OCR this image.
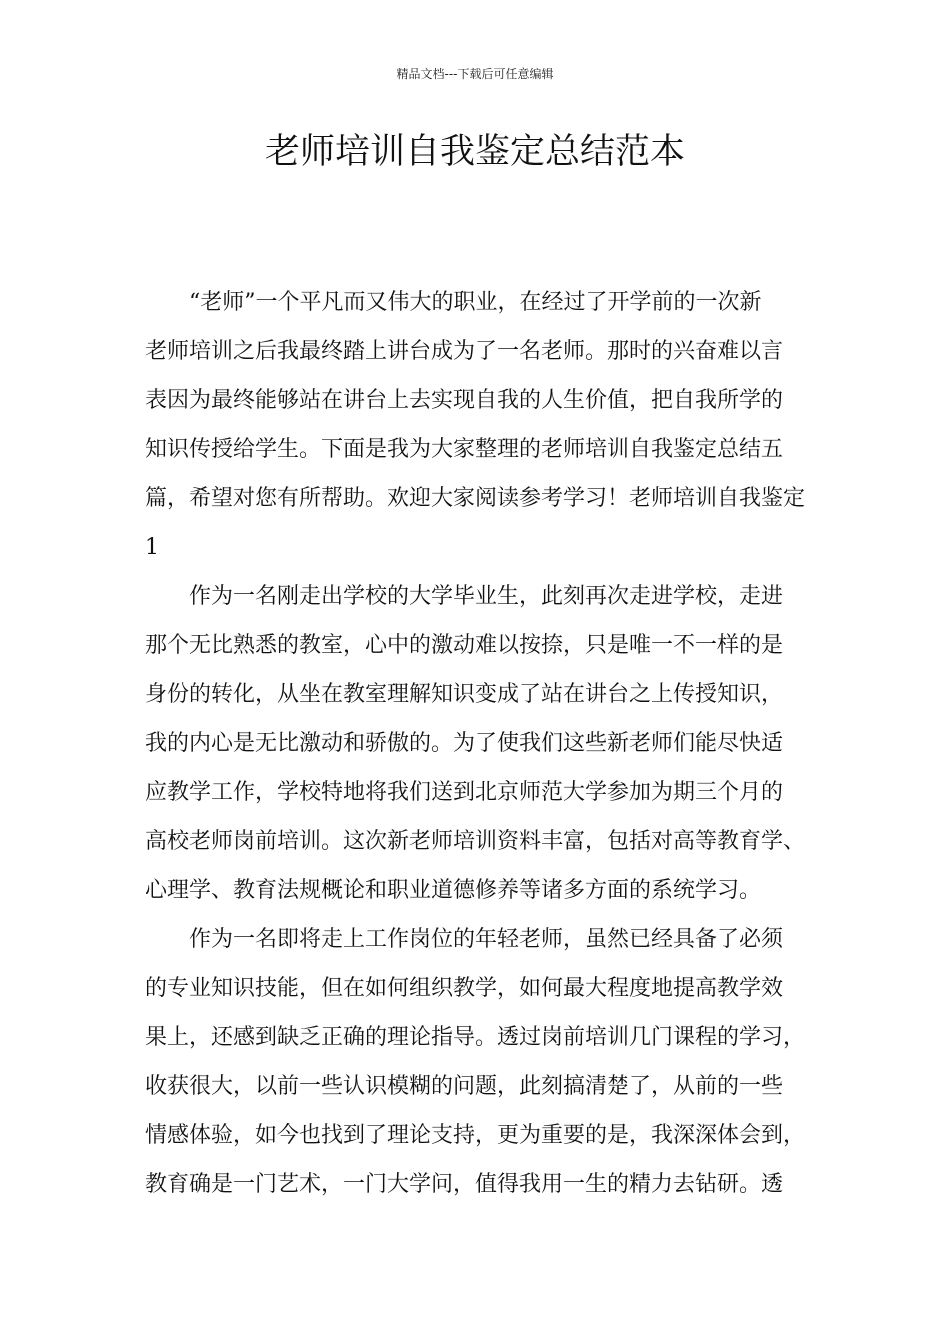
精品文档---下载后可任意编辑
老师培训自我鉴定总结范本
“老师”一个平凡而又伟大的职业，在经过了开学前的一次新
老师培训之后我最终踏上讲台成为了一名老师。那时的兴奋难以言
表因为最终能够站在讲台上去实现自我的人生价值，把自我所学的
知识传授给学生。下面是我为大家整理的老师培训自我鉴定总结五
篇，希望对您有所帮助。欢迎大家阅读参考学习！老师培训自我鉴定
1
作为一名刚走出学校的大学毕业生，此刻再次走进学校，走进
那个无比熟悉的教室，心中的激动难以按捺，只是唯一不一样的是
身份的转化，从坐在教室理解知识变成了站在讲台之上传授知识，
我的内心是无比激动和骄傲的。为了使我们这些新老师们能尽快适
应教学工作，学校特地将我们送到北京师范大学参加为期三个月的
高校老师岗前培训。这次新老师培训资料丰富，包括对高等教育学、
心理学、教育法规概论和职业道德修养等诸多方面的系统学习。
作为一名即将走上工作岗位的年轻老师，虽然已经具备了必须
的专业知识技能，但在如何组织教学，如何最大程度地提高教学效
果上，还感到缺乏正确的理论指导。透过岗前培训几门课程的学习，
收获很大，以前一些认识模糊的问题，此刻搞清楚了，从前的一些
情感体验，如今也找到了理论支持，更为重要的是，我深深体会到，
教育确是一门艺术，一门大学问，值得我用一生的精力去钻研。透
